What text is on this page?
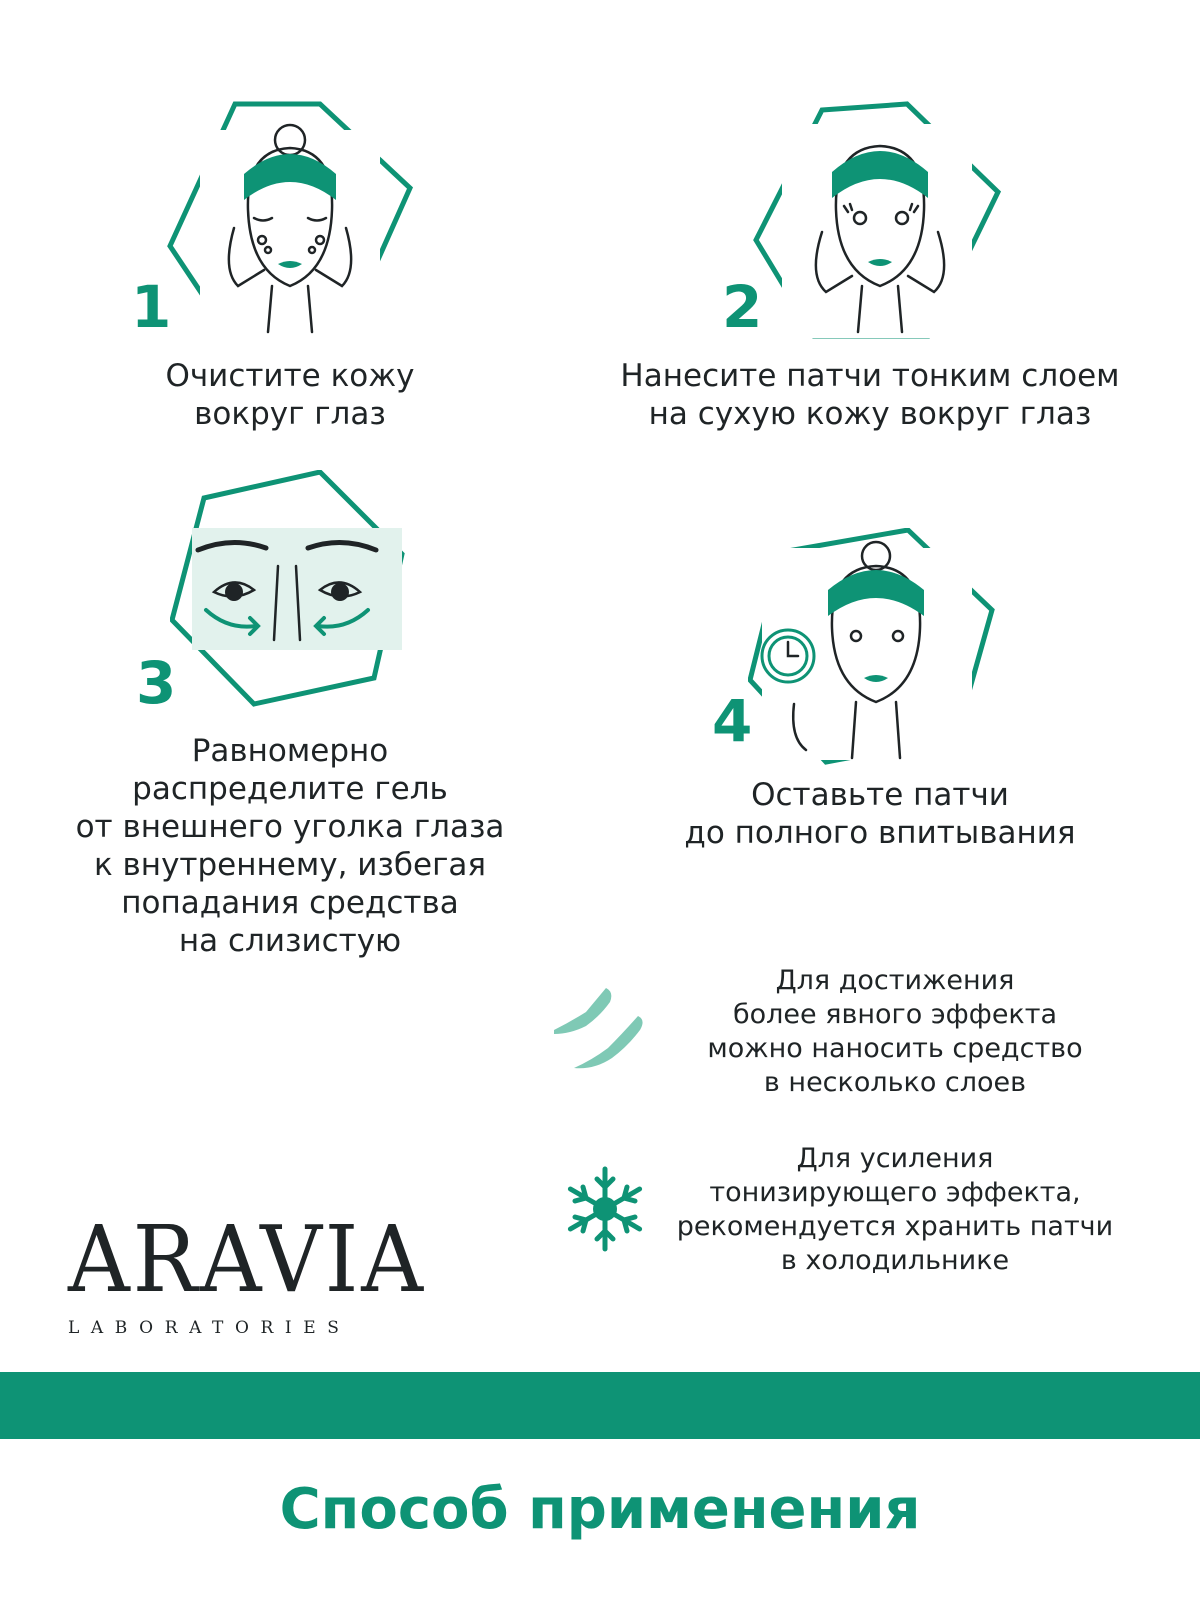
1
Очистите кожу
вокруг глаз
2
Нанесите патчи тонким слоем
на сухую кожу вокруг глаз
3
Равномерно
распределите гель
от внешнего уголка глаза
к внутреннему, избегая
попадания средства
на слизистую
4
Оставьте патчи
до полного впитывания
Для достижения
более явного эффекта
можно наносить средство
в несколько слоев
Для усиления
тонизирующего эффекта,
рекомендуется хранить патчи
в холодильнике
ARAVIA
LABORATORIES
Способ применения
